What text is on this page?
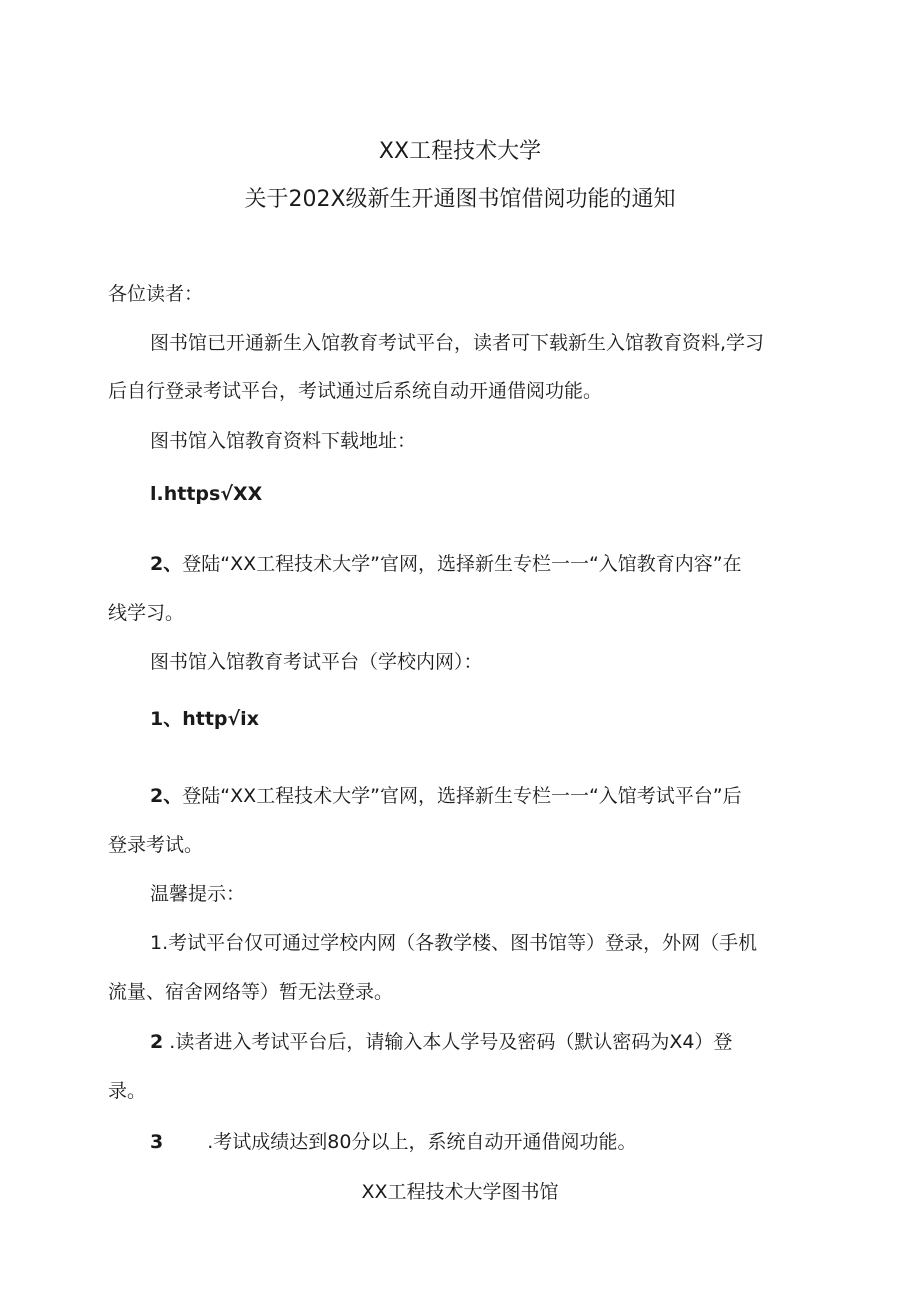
XX工程技术大学
关于202X级新生开通图书馆借阅功能的通知
各位读者：
图书馆已开通新生入馆教育考试平台，读者可下载新生入馆教育资料,学习
后自行登录考试平台，考试通过后系统自动开通借阅功能。
图书馆入馆教育资料下载地址：
l.https√XX
2、登陆“XX工程技术大学”官网，选择新生专栏一一“入馆教育内容”在
线学习。
图书馆入馆教育考试平台（学校内网）：
1、http√ix
2、登陆“XX工程技术大学”官网，选择新生专栏一一“入馆考试平台”后
登录考试。
温馨提示：
1.考试平台仅可通过学校内网（各教学楼、图书馆等）登录，外网（手机
流量、宿舍网络等）暂无法登录。
2 .读者进入考试平台后，请输入本人学号及密码（默认密码为X4）登
录。
3 .考试成绩达到80分以上，系统自动开通借阅功能。
XX工程技术大学图书馆
